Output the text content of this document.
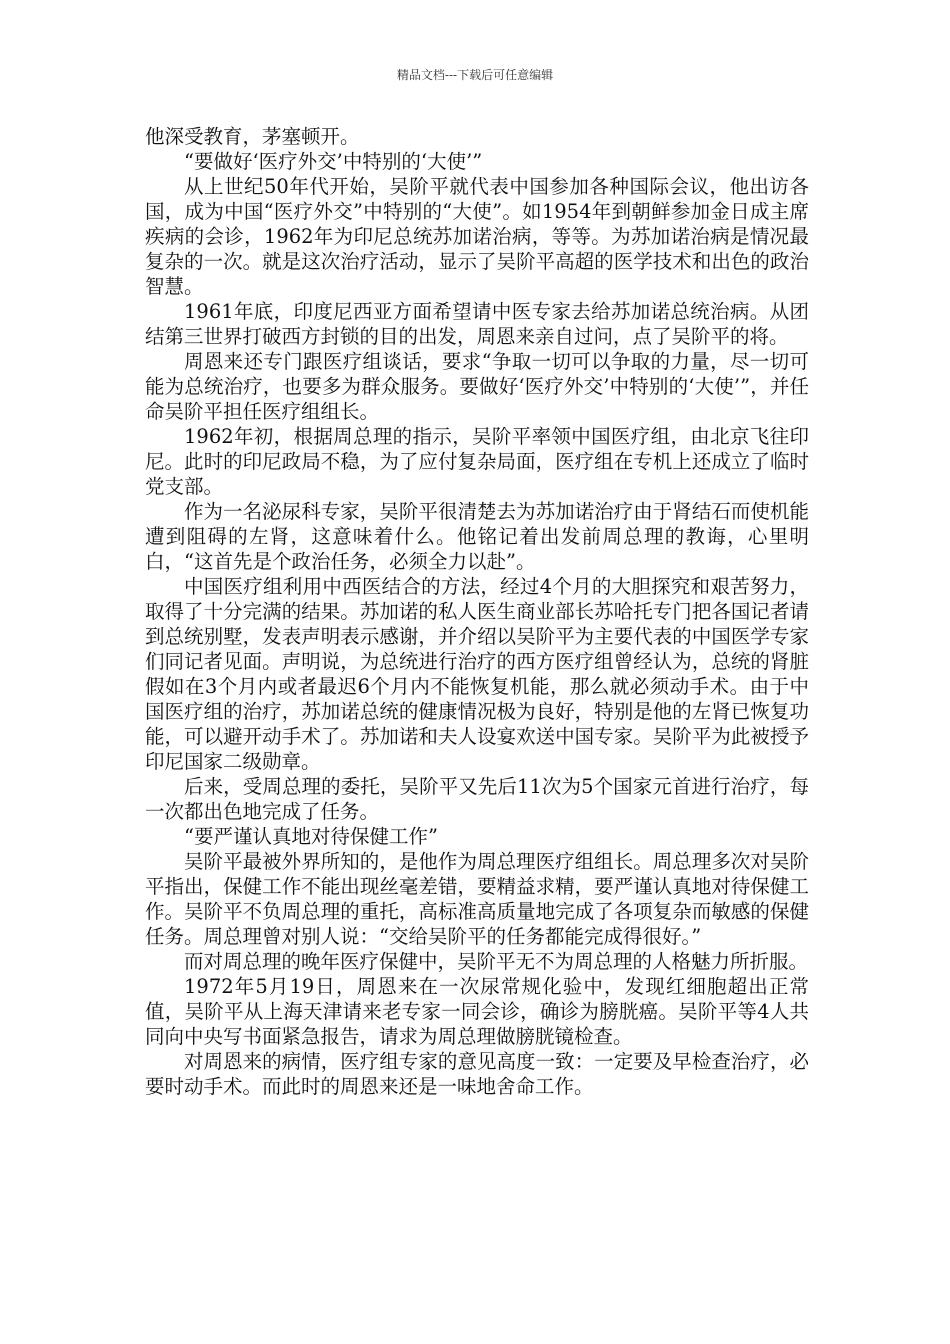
精品文档---下载后可任意编辑

他深受教育，茅塞顿开。

“要做好‘医疗外交’中特别的‘大使’”

从上世纪50年代开始，吴阶平就代表中国参加各种国际会议，他出访各国，成为中国“医疗外交”中特别的“大使”。如1954年到朝鲜参加金日成主席疾病的会诊，1962年为印尼总统苏加诺治病，等等。为苏加诺治病是情况最复杂的一次。就是这次治疗活动，显示了吴阶平高超的医学技术和出色的政治智慧。

1961年底，印度尼西亚方面希望请中医专家去给苏加诺总统治病。从团结第三世界打破西方封锁的目的出发，周恩来亲自过问，点了吴阶平的将。

周恩来还专门跟医疗组谈话，要求“争取一切可以争取的力量，尽一切可能为总统治疗，也要多为群众服务。要做好‘医疗外交’中特别的‘大使’”，并任命吴阶平担任医疗组组长。

1962年初，根据周总理的指示，吴阶平率领中国医疗组，由北京飞往印尼。此时的印尼政局不稳，为了应付复杂局面，医疗组在专机上还成立了临时党支部。

作为一名泌尿科专家，吴阶平很清楚去为苏加诺治疗由于肾结石而使机能遭到阻碍的左肾，这意味着什么。他铭记着出发前周总理的教诲，心里明白，“这首先是个政治任务，必须全力以赴”。

中国医疗组利用中西医结合的方法，经过4个月的大胆探究和艰苦努力，取得了十分完满的结果。苏加诺的私人医生商业部长苏哈托专门把各国记者请到总统别墅，发表声明表示感谢，并介绍以吴阶平为主要代表的中国医学专家们同记者见面。声明说，为总统进行治疗的西方医疗组曾经认为，总统的肾脏假如在3个月内或者最迟6个月内不能恢复机能，那么就必须动手术。由于中国医疗组的治疗，苏加诺总统的健康情况极为良好，特别是他的左肾已恢复功能，可以避开动手术了。苏加诺和夫人设宴欢送中国专家。吴阶平为此被授予印尼国家二级勋章。

后来，受周总理的委托，吴阶平又先后11次为5个国家元首进行治疗，每一次都出色地完成了任务。

“要严谨认真地对待保健工作”

吴阶平最被外界所知的，是他作为周总理医疗组组长。周总理多次对吴阶平指出，保健工作不能出现丝毫差错，要精益求精，要严谨认真地对待保健工作。吴阶平不负周总理的重托，高标准高质量地完成了各项复杂而敏感的保健任务。周总理曾对别人说：“交给吴阶平的任务都能完成得很好。”

而对周总理的晚年医疗保健中，吴阶平无不为周总理的人格魅力所折服。

1972年5月19日，周恩来在一次尿常规化验中，发现红细胞超出正常值，吴阶平从上海天津请来老专家一同会诊，确诊为膀胱癌。吴阶平等4人共同向中央写书面紧急报告，请求为周总理做膀胱镜检查。

对周恩来的病情，医疗组专家的意见高度一致：一定要及早检查治疗，必要时动手术。而此时的周恩来还是一味地舍命工作。
